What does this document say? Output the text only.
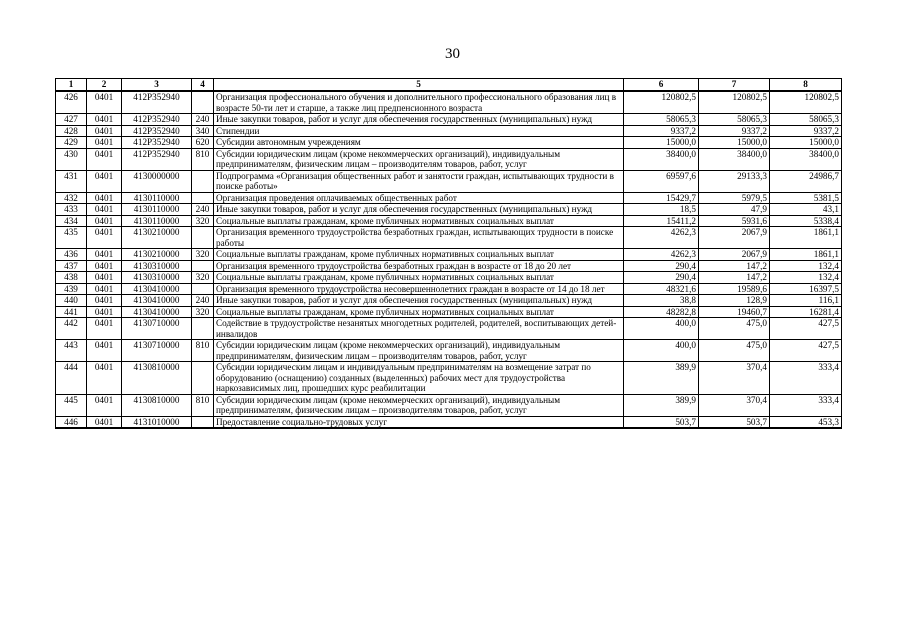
30
1	2	3	4	5	6	7	8
426	0401	412P352940		Организация профессионального обучения и дополнительного профессионального образования лиц в возрасте 50-ти лет и старше, а также лиц предпенсионного возраста	120802,5	120802,5	120802,5
427	0401	412P352940	240	Иные закупки товаров, работ и услуг для обеспечения государственных (муниципальных) нужд	58065,3	58065,3	58065,3
428	0401	412P352940	340	Стипендии	9337,2	9337,2	9337,2
429	0401	412P352940	620	Субсидии автономным учреждениям	15000,0	15000,0	15000,0
430	0401	412P352940	810	Субсидии юридическим лицам (кроме некоммерческих организаций), индивидуальным предпринимателям, физическим лицам – производителям товаров, работ, услуг	38400,0	38400,0	38400,0
431	0401	4130000000		Подпрограмма «Организация общественных работ и занятости граждан, испытывающих трудности в поиске работы»	69597,6	29133,3	24986,7
432	0401	4130110000		Организация проведения оплачиваемых общественных работ	15429,7	5979,5	5381,5
433	0401	4130110000	240	Иные закупки товаров, работ и услуг для обеспечения государственных (муниципальных) нужд	18,5	47,9	43,1
434	0401	4130110000	320	Социальные выплаты гражданам, кроме публичных нормативных социальных выплат	15411,2	5931,6	5338,4
435	0401	4130210000		Организация временного трудоустройства безработных граждан, испытывающих трудности в поиске работы	4262,3	2067,9	1861,1
436	0401	4130210000	320	Социальные выплаты гражданам, кроме публичных нормативных социальных выплат	4262,3	2067,9	1861,1
437	0401	4130310000		Организация временного трудоустройства безработных граждан в возрасте от 18 до 20 лет	290,4	147,2	132,4
438	0401	4130310000	320	Социальные выплаты гражданам, кроме публичных нормативных социальных выплат	290,4	147,2	132,4
439	0401	4130410000		Организация временного трудоустройства несовершеннолетних граждан в возрасте от 14 до 18 лет	48321,6	19589,6	16397,5
440	0401	4130410000	240	Иные закупки товаров, работ и услуг для обеспечения государственных (муниципальных) нужд	38,8	128,9	116,1
441	0401	4130410000	320	Социальные выплаты гражданам, кроме публичных нормативных социальных выплат	48282,8	19460,7	16281,4
442	0401	4130710000		Содействие в трудоустройстве незанятых многодетных родителей, родителей, воспитывающих детей-инвалидов	400,0	475,0	427,5
443	0401	4130710000	810	Субсидии юридическим лицам (кроме некоммерческих организаций), индивидуальным предпринимателям, физическим лицам – производителям товаров, работ, услуг	400,0	475,0	427,5
444	0401	4130810000		Субсидии юридическим лицам и индивидуальным предпринимателям на возмещение затрат по оборудованию (оснащению) созданных (выделенных) рабочих мест для трудоустройства наркозависимых лиц, прошедших курс реабилитации	389,9	370,4	333,4
445	0401	4130810000	810	Субсидии юридическим лицам (кроме некоммерческих организаций), индивидуальным предпринимателям, физическим лицам – производителям товаров, работ, услуг	389,9	370,4	333,4
446	0401	4131010000		Предоставление социально-трудовых услуг	503,7	503,7	453,3
